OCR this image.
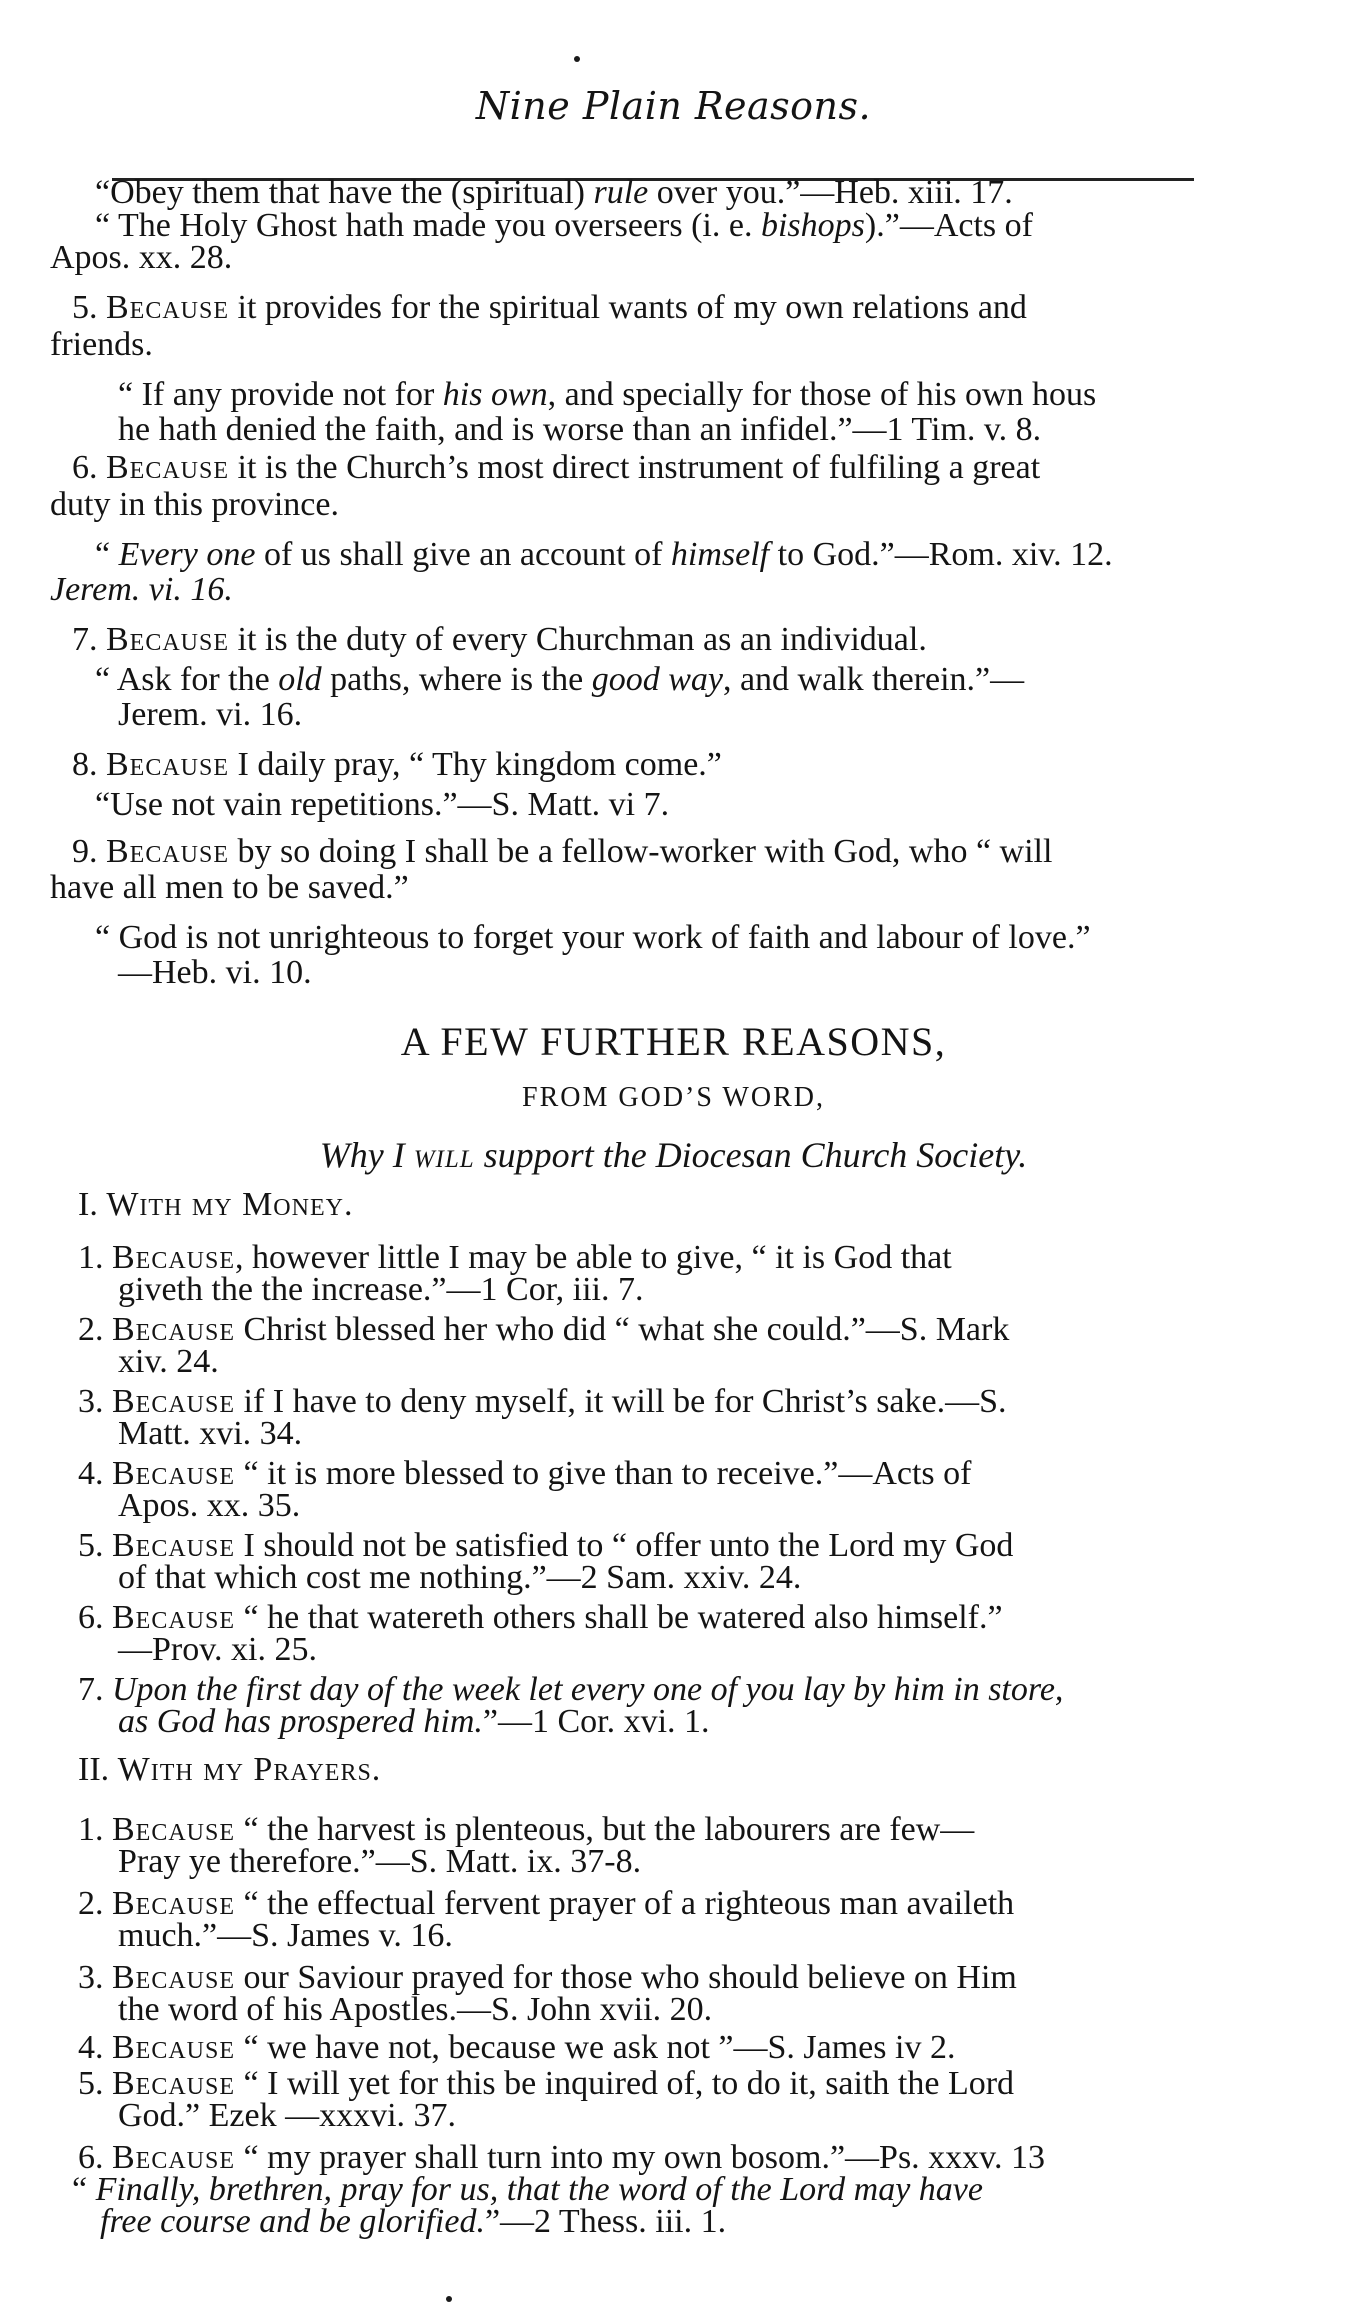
Nine Plain Reasons.
“Obey them that have the (spiritual) rule over you.”—Heb. xiii. 17.
“ The Holy Ghost hath made you overseers (i. e. bishops).”—Acts of
Apos. xx. 28.
5. Because it provides for the spiritual wants of my own relations and
friends.
“ If any provide not for his own, and specially for those of his own hous
he hath denied the faith, and is worse than an infidel.”—1 Tim. v. 8.
6. Because it is the Church’s most direct instrument of fulfiling a great
duty in this province.
“ Every one of us shall give an account of himself to God.”—Rom. xiv. 12.
Jerem. vi. 16.
7. Because it is the duty of every Churchman as an individual.
“ Ask for the old paths, where is the good way, and walk therein.”—
Jerem. vi. 16.
8. Because I daily pray, “ Thy kingdom come.”
“Use not vain repetitions.”—S. Matt. vi 7.
9. Because by so doing I shall be a fellow-worker with God, who “ will
have all men to be saved.”
“ God is not unrighteous to forget your work of faith and labour of love.”
—Heb. vi. 10.
A FEW FURTHER REASONS,
FROM GOD’S WORD,
Why I will support the Diocesan Church Society.
I. With my Money.
1. Because, however little I may be able to give, “ it is God that
giveth the the increase.”—1 Cor, iii. 7.
2. Because Christ blessed her who did “ what she could.”—S. Mark
xiv. 24.
3. Because if I have to deny myself, it will be for Christ’s sake.—S.
Matt. xvi. 34.
4. Because “ it is more blessed to give than to receive.”—Acts of
Apos. xx. 35.
5. Because I should not be satisfied to “ offer unto the Lord my God
of that which cost me nothing.”—2 Sam. xxiv. 24.
6. Because “ he that watereth others shall be watered also himself.”
—Prov. xi. 25.
7. Upon the first day of the week let every one of you lay by him in store,
as God has prospered him.”—1 Cor. xvi. 1.
II. With my Prayers.
1. Because “ the harvest is plenteous, but the labourers are few—
Pray ye therefore.”—S. Matt. ix. 37-8.
2. Because “ the effectual fervent prayer of a righteous man availeth
much.”—S. James v. 16.
3. Because our Saviour prayed for those who should believe on Him
the word of his Apostles.—S. John xvii. 20.
4. Because “ we have not, because we ask not ”—S. James iv 2.
5. Because “ I will yet for this be inquired of, to do it, saith the Lord
God.” Ezek —xxxvi. 37.
6. Because “ my prayer shall turn into my own bosom.”—Ps. xxxv. 13
“ Finally, brethren, pray for us, that the word of the Lord may have
free course and be glorified.”—2 Thess. iii. 1.
